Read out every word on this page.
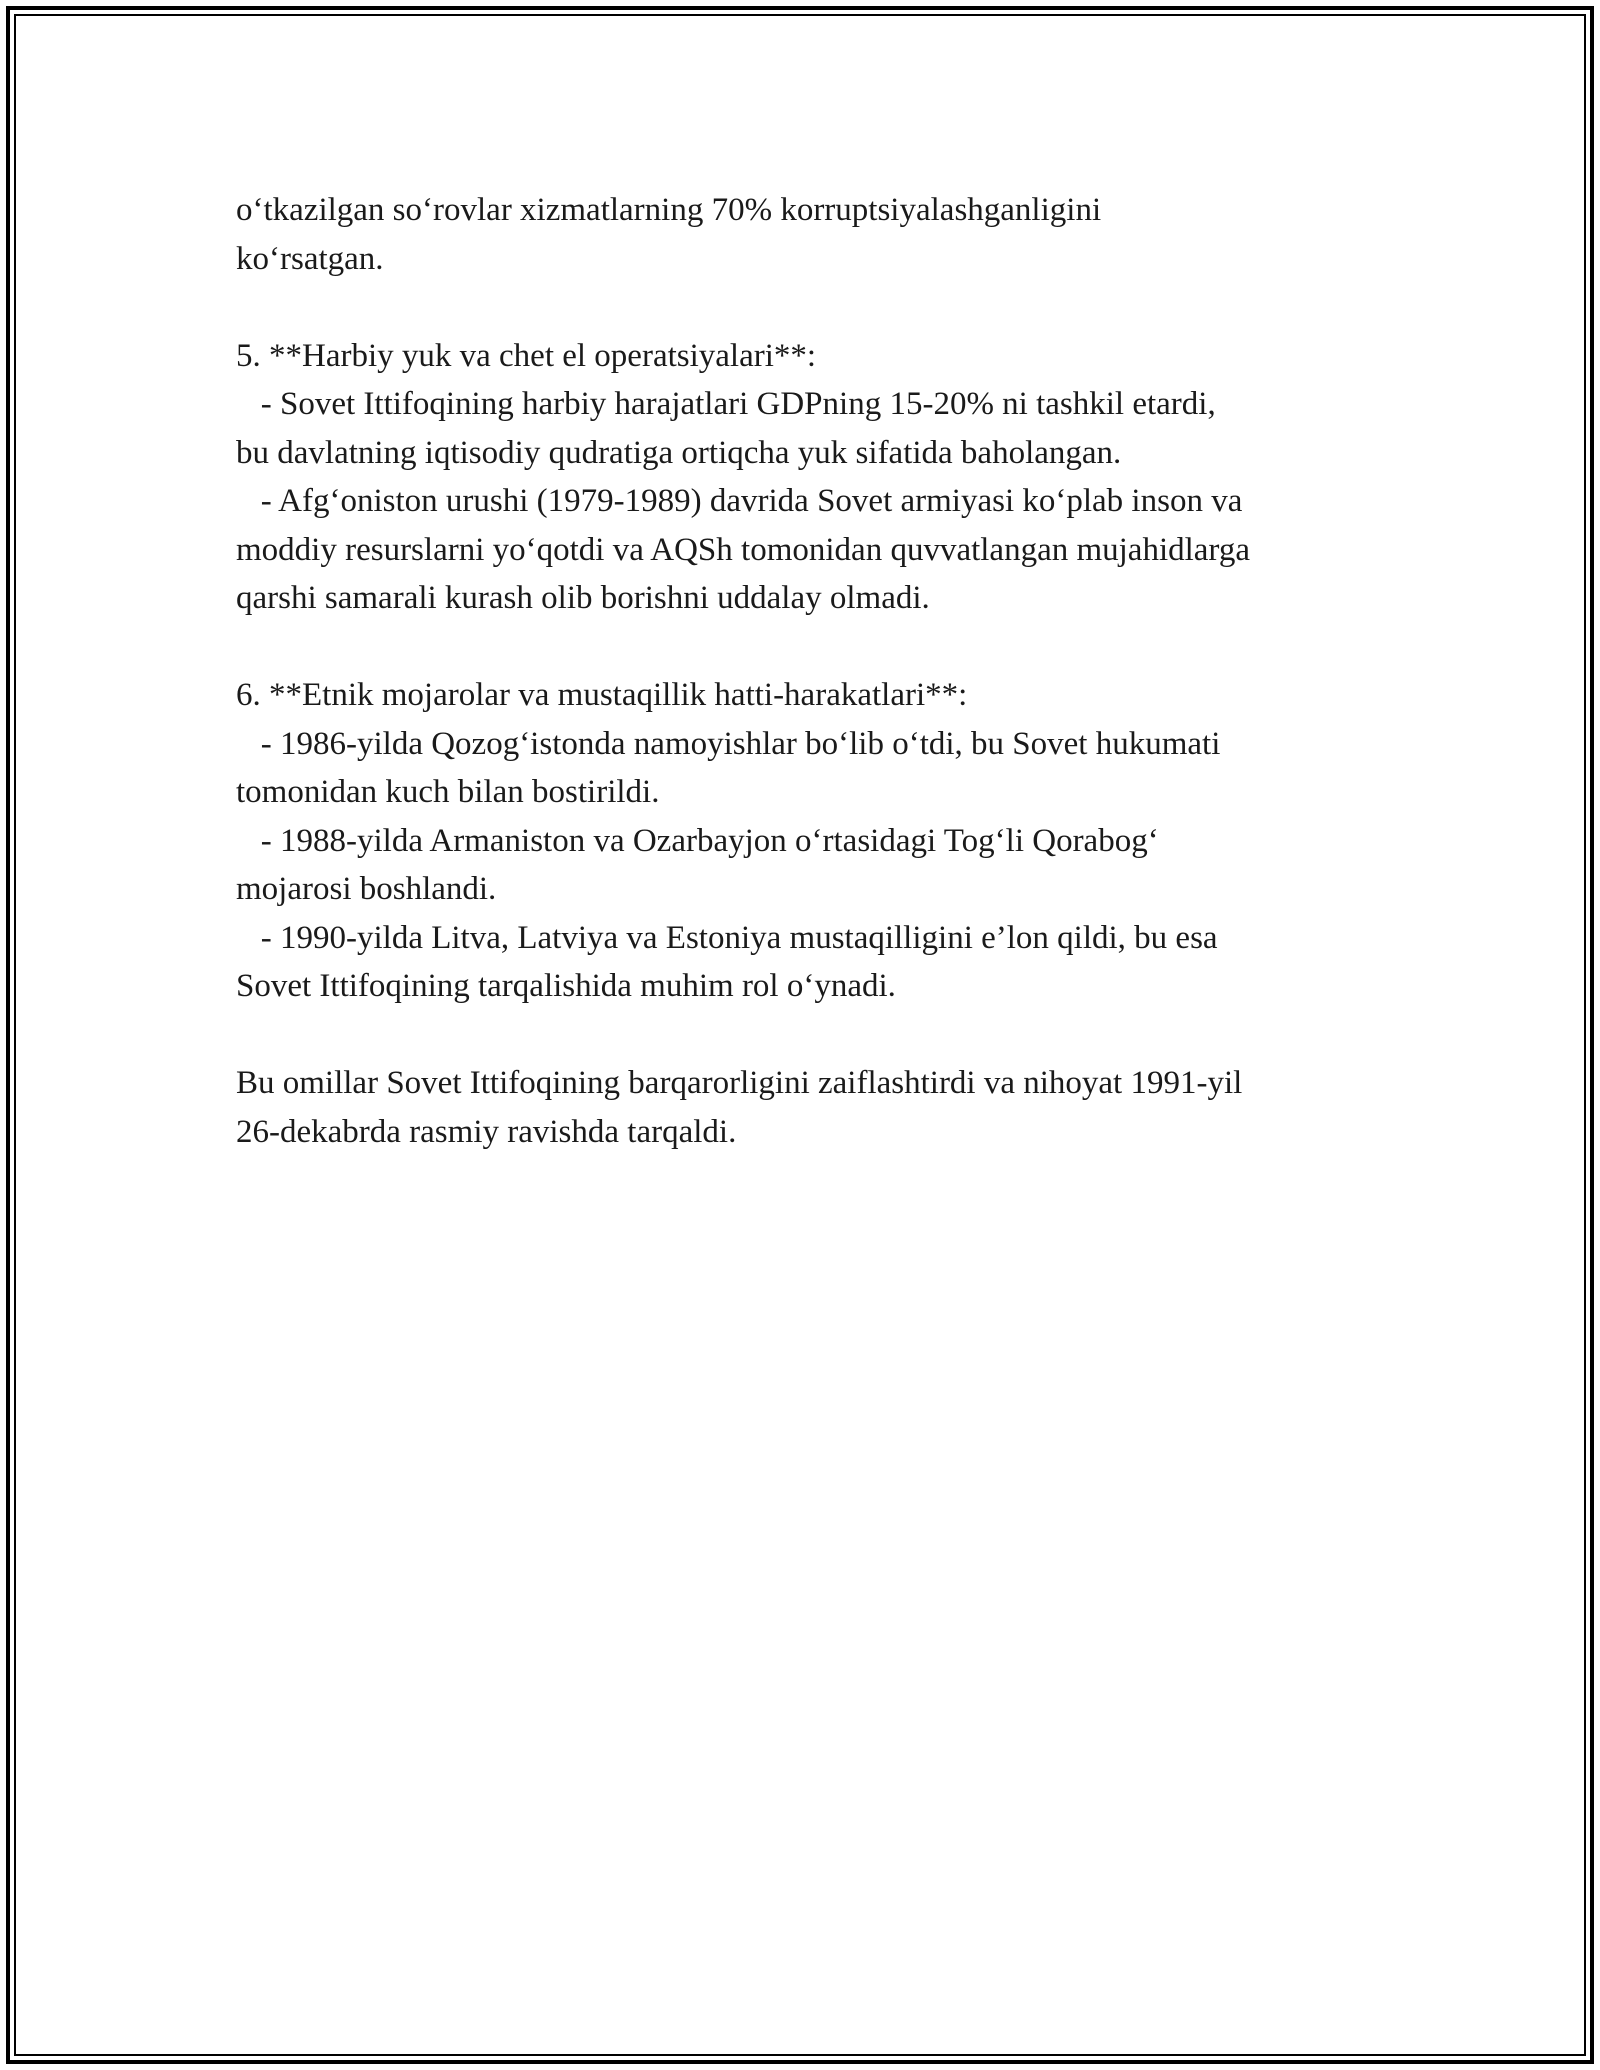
o‘tkazilgan so‘rovlar xizmatlarning 70% korruptsiyalashganligini
ko‘rsatgan.
5. **Harbiy yuk va chet el operatsiyalari**:
- Sovet Ittifoqining harbiy harajatlari GDPning 15-20% ni tashkil etardi,
bu davlatning iqtisodiy qudratiga ortiqcha yuk sifatida baholangan.
- Afg‘oniston urushi (1979-1989) davrida Sovet armiyasi ko‘plab inson va
moddiy resurslarni yo‘qotdi va AQSh tomonidan quvvatlangan mujahidlarga
qarshi samarali kurash olib borishni uddalay olmadi.
6. **Etnik mojarolar va mustaqillik hatti-harakatlari**:
- 1986-yilda Qozog‘istonda namoyishlar bo‘lib o‘tdi, bu Sovet hukumati
tomonidan kuch bilan bostirildi.
- 1988-yilda Armaniston va Ozarbayjon o‘rtasidagi Tog‘li Qorabog‘
mojarosi boshlandi.
- 1990-yilda Litva, Latviya va Estoniya mustaqilligini e’lon qildi, bu esa
Sovet Ittifoqining tarqalishida muhim rol o‘ynadi.
Bu omillar Sovet Ittifoqining barqarorligini zaiflashtirdi va nihoyat 1991-yil
26-dekabrda rasmiy ravishda tarqaldi.
